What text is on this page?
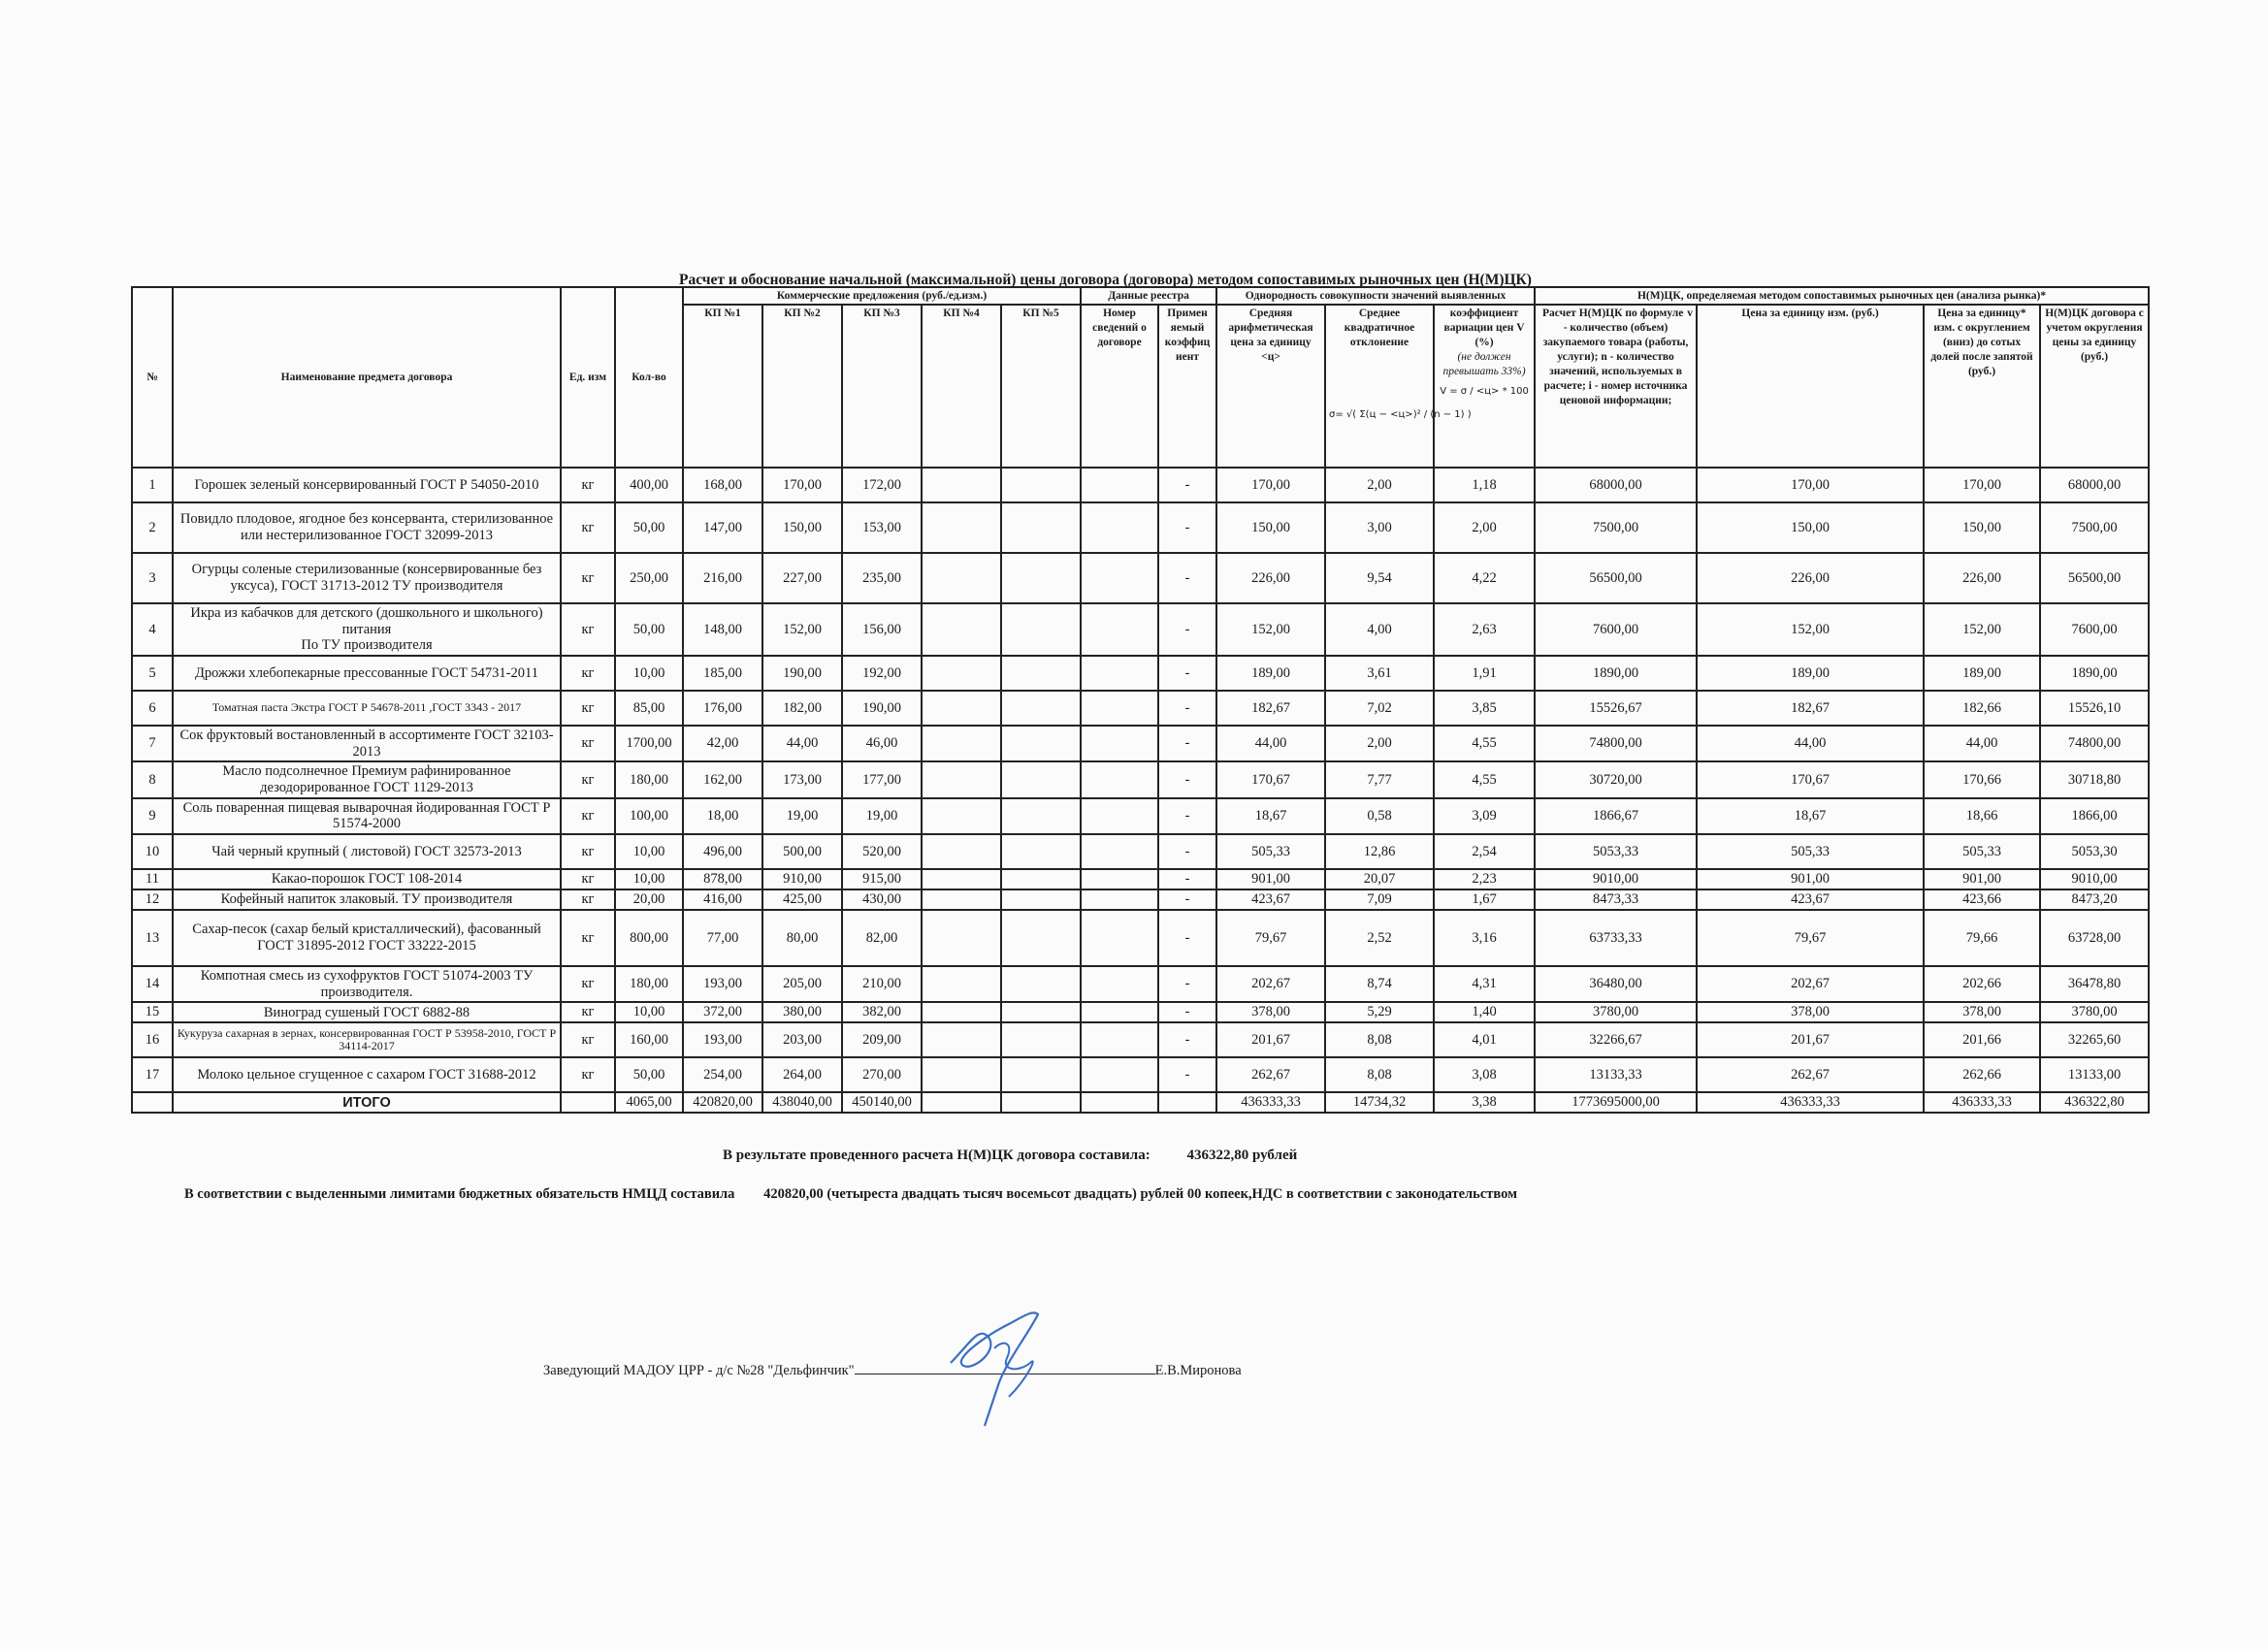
Расчет и обоснование начальной (максимальной) цены договора (договора) методом сопоставимых рыночных цен (Н(М)ЦК)
№	Наименование предмета договора	Ед. изм	Кол-во	Коммерческие предложения (руб./ед.изм.)	Данные реестра	Однородность совокупности значений выявленных	Н(М)ЦК, определяемая методом сопоставимых рыночных цен (анализа рынка)*
КП №1	КП №2	КП №3	КП №4	КП №5	Номер сведений о договоре	Примен яемый коэффиц иент	Средняя арифметическая цена за единицу <ц>	
Среднее квадратичное отклонение
σ= √( Σ(ц − <ц>)² / (n − 1) )

коэффициент вариации цен V (%)
(не должен превышать 33%)
V = σ / <ц> * 100

Расчет Н(М)ЦК по формуле v
- количество (объем) закупаемого товара (работы, услуги); n - количество значений, используемых в расчете; i - номер источника ценовой информации;
	Цена за единицу изм. (руб.)	Цена за единицу* изм. с округлением (вниз) до сотых долей после запятой (руб.)	Н(М)ЦК договора с учетом округления цены за единицу (руб.)
1	Горошек зеленый консервированный ГОСТ Р 54050-2010	кг	400,00	168,00	170,00	172,00				-	170,00	2,00	1,18	68000,00	170,00	170,00	68000,00
2	Повидло плодовое, ягодное без консерванта, стерилизованное или нестерилизованное ГОСТ 32099-2013	кг	50,00	147,00	150,00	153,00				-	150,00	3,00	2,00	7500,00	150,00	150,00	7500,00
3	Огурцы соленые стерилизованные (консервированные без уксуса), ГОСТ 31713-2012 ТУ производителя	кг	250,00	216,00	227,00	235,00				-	226,00	9,54	4,22	56500,00	226,00	226,00	56500,00
4	Икра из кабачков для детского (дошкольного и школьного) питания
По ТУ производителя	кг	50,00	148,00	152,00	156,00				-	152,00	4,00	2,63	7600,00	152,00	152,00	7600,00
5	Дрожжи хлебопекарные прессованные ГОСТ 54731-2011	кг	10,00	185,00	190,00	192,00				-	189,00	3,61	1,91	1890,00	189,00	189,00	1890,00
6	Томатная паста Экстра ГОСТ Р 54678-2011 ,ГОСТ 3343 - 2017	кг	85,00	176,00	182,00	190,00				-	182,67	7,02	3,85	15526,67	182,67	182,66	15526,10
7	Сок фруктовый востановленный в ассортименте ГОСТ 32103-2013	кг	1700,00	42,00	44,00	46,00				-	44,00	2,00	4,55	74800,00	44,00	44,00	74800,00
8	Масло подсолнечное Премиум рафинированное дезодорированное ГОСТ 1129-2013	кг	180,00	162,00	173,00	177,00				-	170,67	7,77	4,55	30720,00	170,67	170,66	30718,80
9	Соль поваренная пищевая выварочная йодированная ГОСТ Р 51574-2000	кг	100,00	18,00	19,00	19,00				-	18,67	0,58	3,09	1866,67	18,67	18,66	1866,00
10	Чай черный крупный ( листовой) ГОСТ 32573-2013	кг	10,00	496,00	500,00	520,00				-	505,33	12,86	2,54	5053,33	505,33	505,33	5053,30
11	Какао-порошок ГОСТ 108-2014	кг	10,00	878,00	910,00	915,00				-	901,00	20,07	2,23	9010,00	901,00	901,00	9010,00
12	Кофейный напиток злаковый. ТУ производителя	кг	20,00	416,00	425,00	430,00				-	423,67	7,09	1,67	8473,33	423,67	423,66	8473,20
13	Сахар-песок (сахар белый кристаллический), фасованный ГОСТ 31895-2012 ГОСТ 33222-2015	кг	800,00	77,00	80,00	82,00				-	79,67	2,52	3,16	63733,33	79,67	79,66	63728,00
14	Компотная смесь из сухофруктов ГОСТ 51074-2003 ТУ производителя.	кг	180,00	193,00	205,00	210,00				-	202,67	8,74	4,31	36480,00	202,67	202,66	36478,80
15	Виноград сушеный ГОСТ 6882-88	кг	10,00	372,00	380,00	382,00				-	378,00	5,29	1,40	3780,00	378,00	378,00	3780,00
16	Кукуруза сахарная в зернах, консервированная ГОСТ Р 53958-2010, ГОСТ Р 34114-2017	кг	160,00	193,00	203,00	209,00				-	201,67	8,08	4,01	32266,67	201,67	201,66	32265,60
17	Молоко цельное сгущенное с сахаром ГОСТ 31688-2012	кг	50,00	254,00	264,00	270,00				-	262,67	8,08	3,08	13133,33	262,67	262,66	13133,00
	ИТОГО		4065,00	420820,00	438040,00	450140,00					436333,33	14734,32	3,38	1773695000,00	436333,33	436333,33	436322,80
В результате проведенного расчета Н(М)ЦК договора составила:	436322,80 рублей
В соответствии с выделенными лимитами бюджетных обязательств НМЦД составила 420820,00 (четыреста двадцать тысяч восемьсот двадцать) рублей 00 копеек,НДС в соответствии с законодательством
Заведующий МАДОУ ЦРР - д/с №28 "Дельфинчик"	Е.В.Миронова
